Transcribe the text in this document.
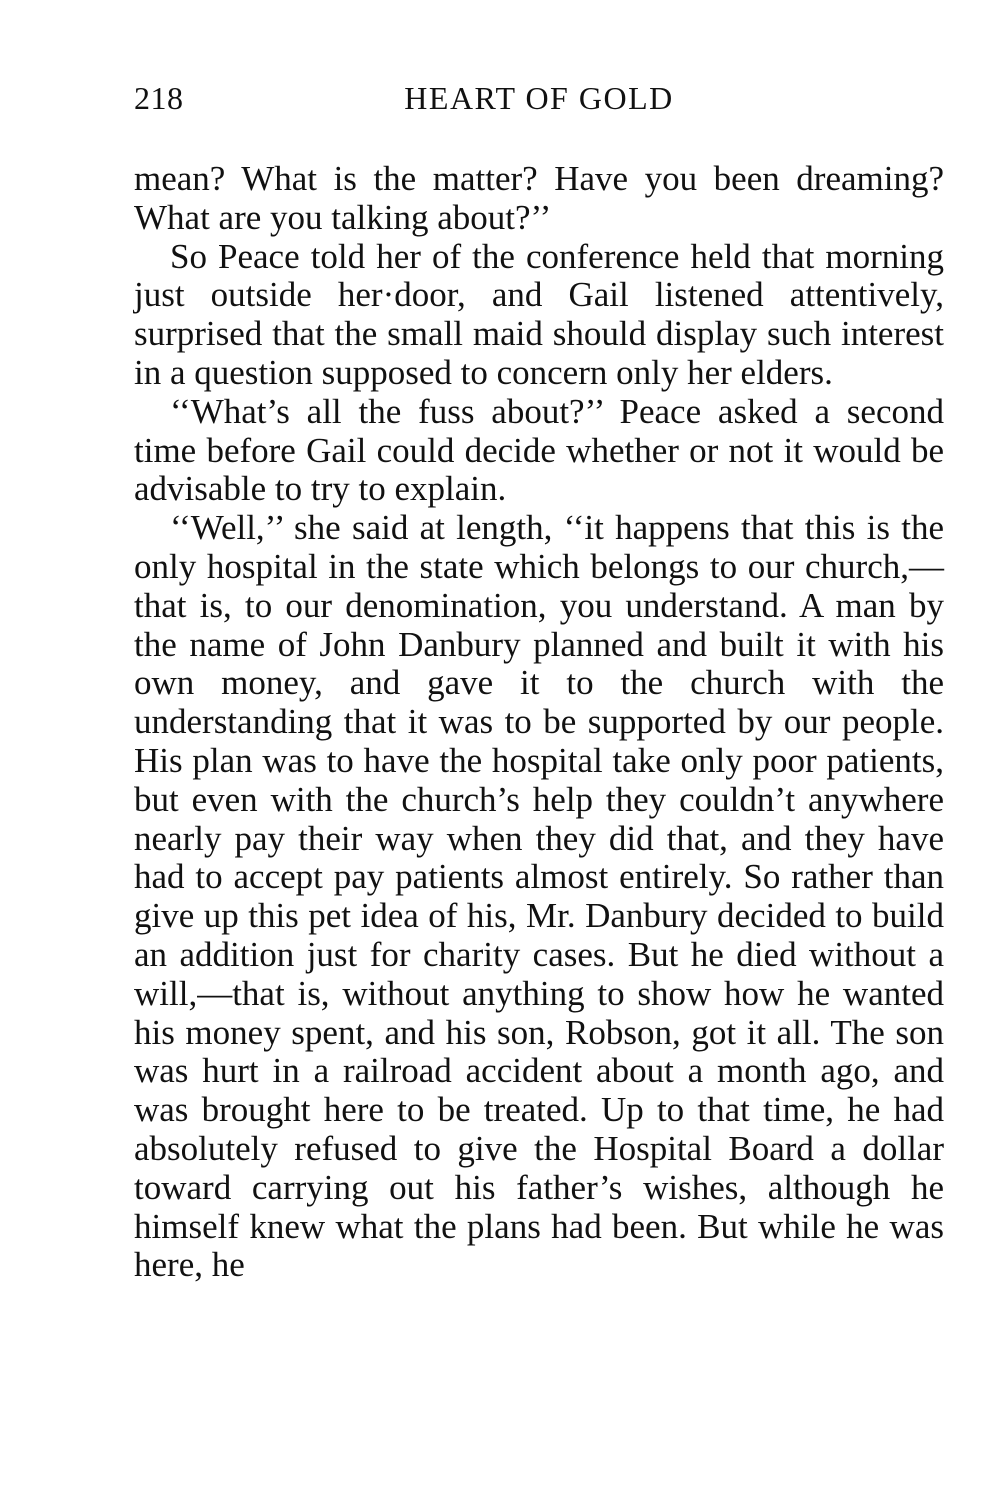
218	HEART OF GOLD

mean? What is the matter? Have you been dreaming? What are you talking about?’’

So Peace told her of the conference held that morning just outside her·door, and Gail listened attentively, surprised that the small maid should display such interest in a question supposed to concern only her elders.

‘‘What’s all the fuss about?’’ Peace asked a second time before Gail could decide whether or not it would be advisable to try to explain.

‘‘Well,’’ she said at length, ‘‘it happens that this is the only hospital in the state which belongs to our church,—that is, to our denomination, you understand. A man by the name of John Danbury planned and built it with his own money, and gave it to the church with the understanding that it was to be supported by our people. His plan was to have the hospital take only poor patients, but even with the church’s help they couldn’t anywhere nearly pay their way when they did that, and they have had to accept pay patients almost entirely. So rather than give up this pet idea of his, Mr. Danbury decided to build an addition just for charity cases. But he died without a will,—that is, without anything to show how he wanted his money spent, and his son, Robson, got it all. The son was hurt in a railroad accident about a month ago, and was brought here to be treated. Up to that time, he had absolutely refused to give the Hospital Board a dollar toward carrying out his father’s wishes, although he himself knew what the plans had been. But while he was here, he
